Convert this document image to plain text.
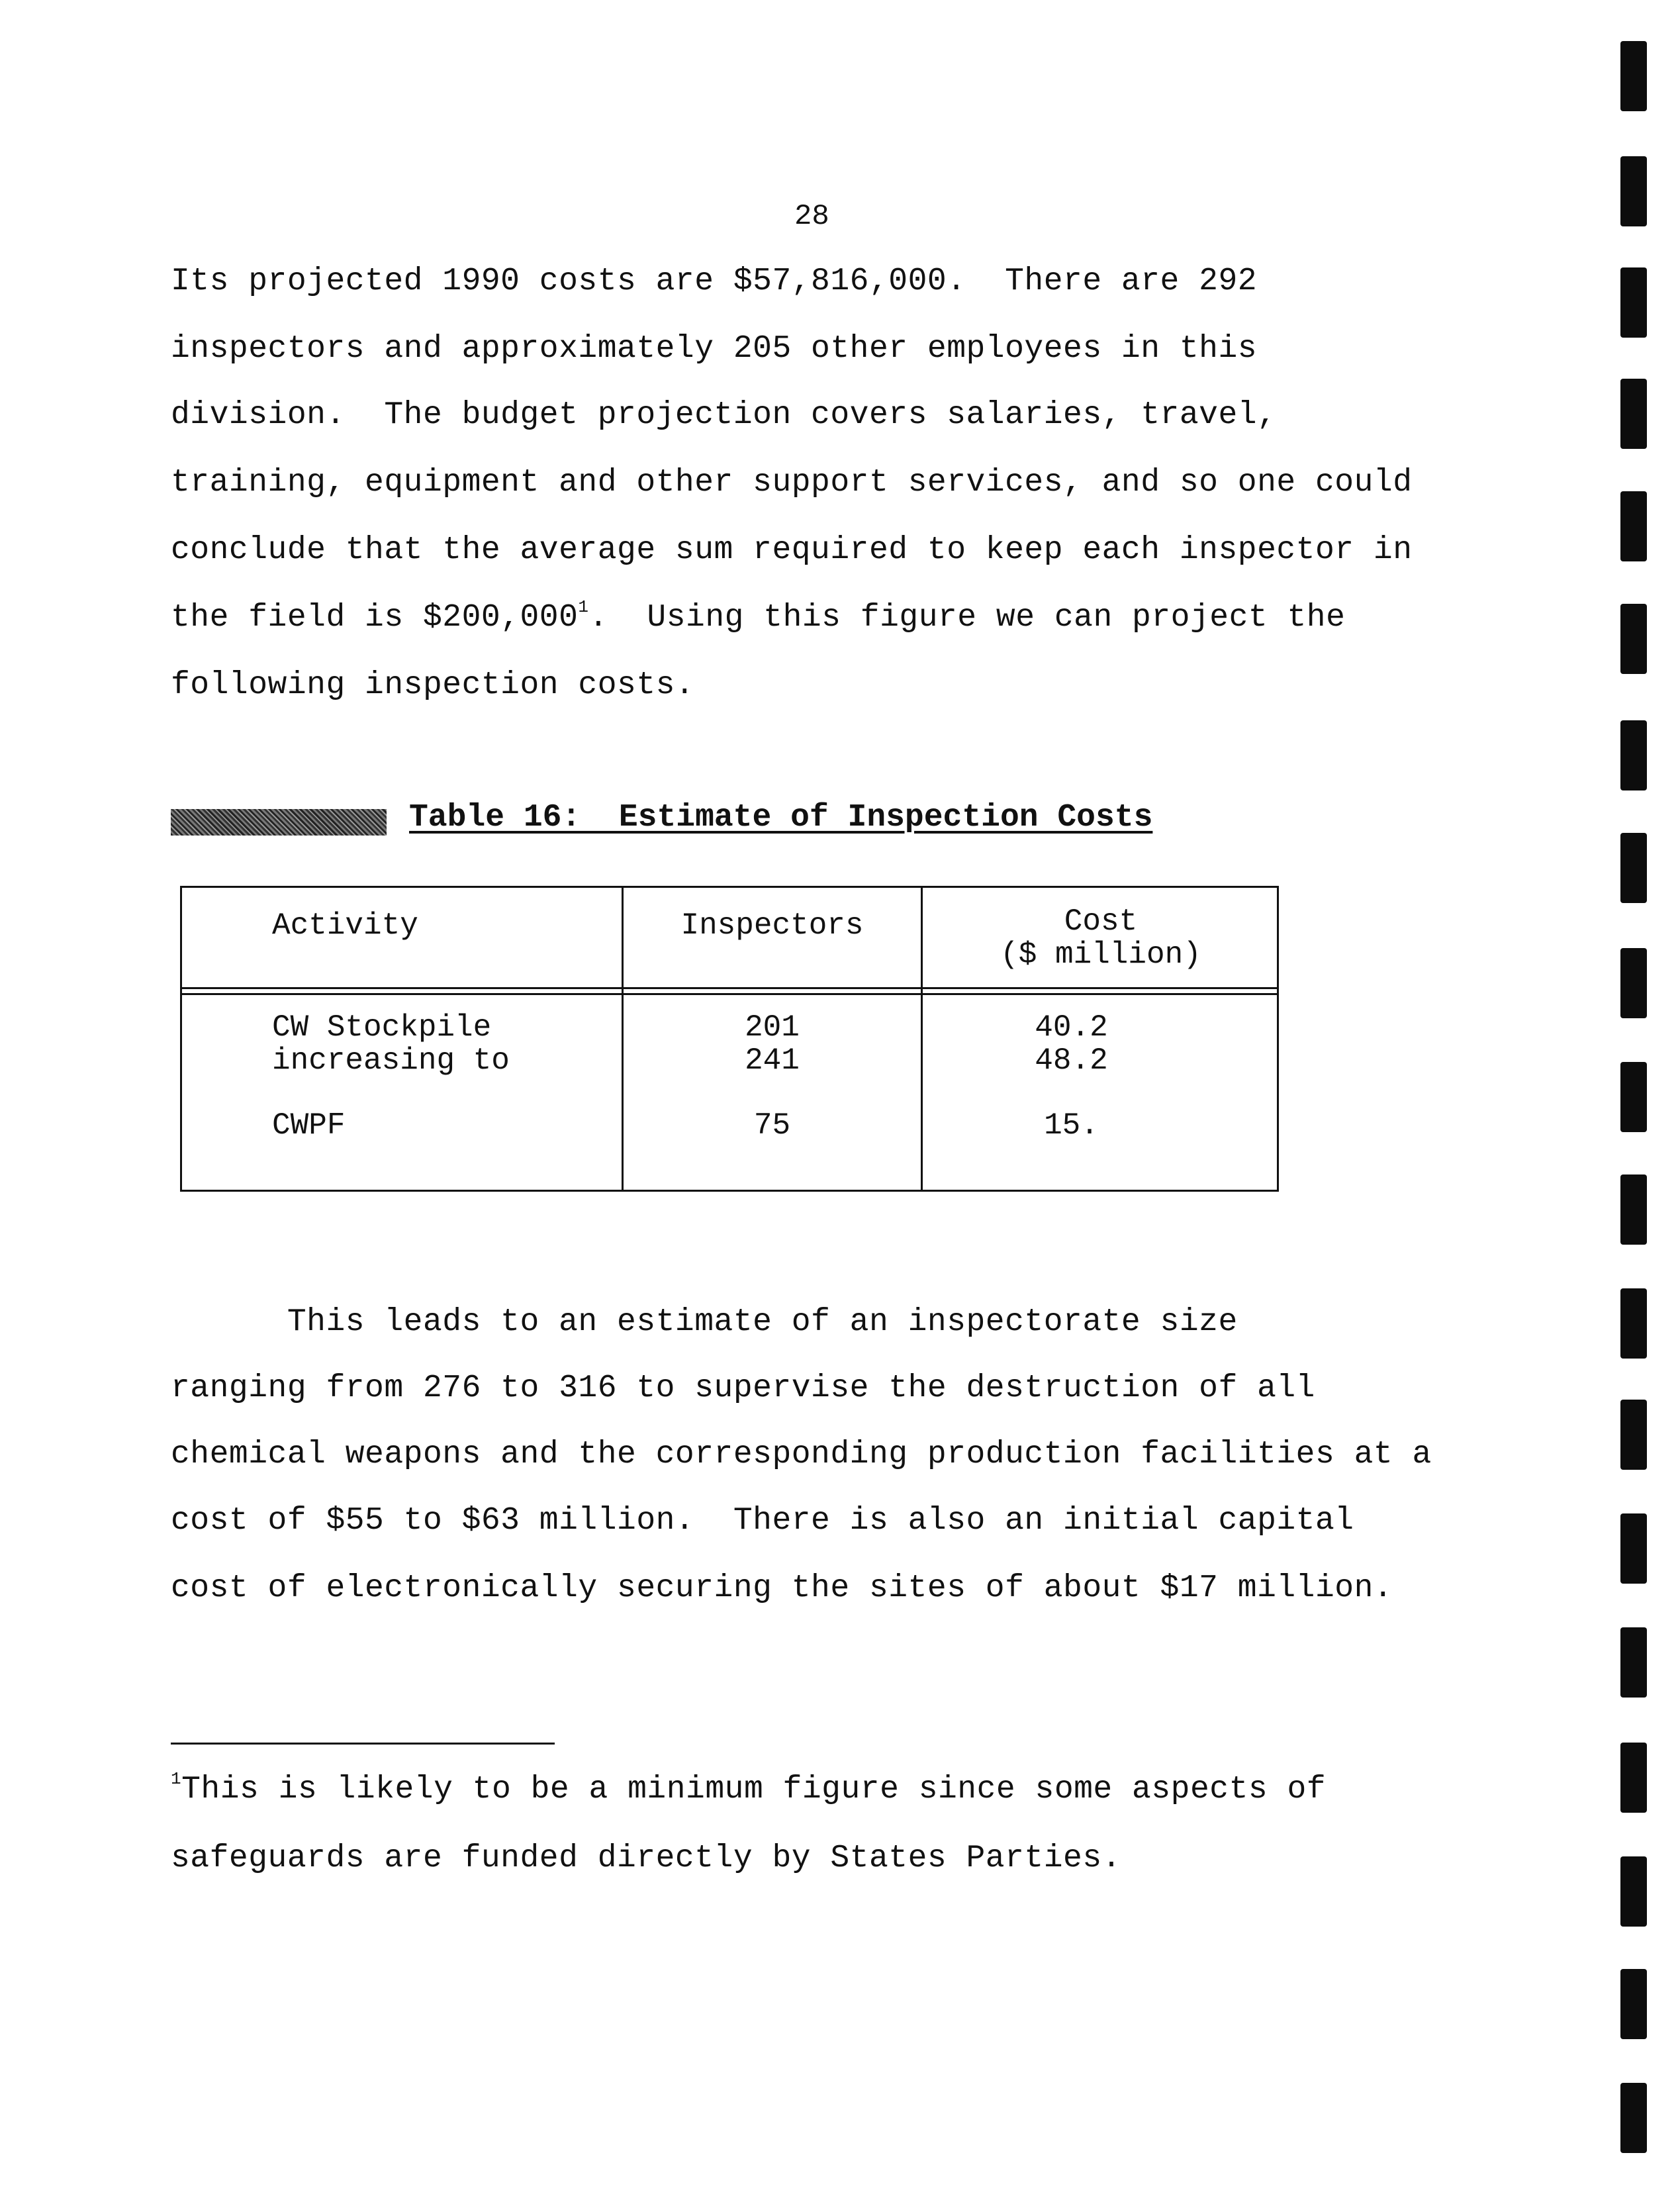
28
Its projected 1990 costs are $57,816,000.  There are 292
inspectors and approximately 205 other employees in this
division.  The budget projection covers salaries, travel,
training, equipment and other support services, and so one could
conclude that the average sum required to keep each inspector in
the field is $200,000$^1$.  Using this figure we can project the
following inspection costs.
Table 16:  Estimate of Inspection Costs
Activity	Inspectors	Cost
($ million)
CW Stockpile	201	40.2
increasing to	241	48.2
CWPF	75	15.
This leads to an estimate of an inspectorate size
ranging from 276 to 316 to supervise the destruction of all
chemical weapons and the corresponding production facilities at a
cost of $55 to $63 million.  There is also an initial capital
cost of electronically securing the sites of about $17 million.
$^1$This is likely to be a minimum figure since some aspects of
safeguards are funded directly by States Parties.
